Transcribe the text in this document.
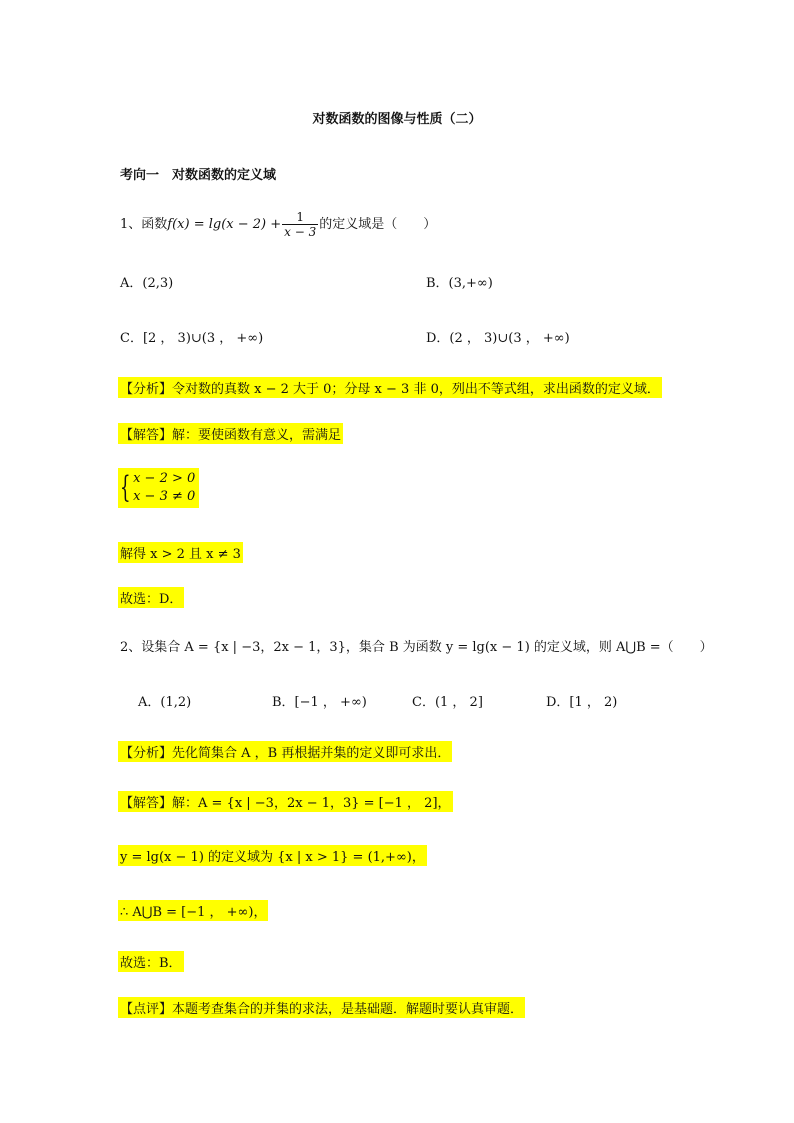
对数函数的图像与性质（二）
考向一　对数函数的定义域
1、函数$f(x) = \lg(x - 2) + \frac{1}{x - 3}$ 的定义域是（　　）
A．(2,3)	B．(3,+∞)
C．[2 ， 3)∪(3 ， +∞)	D．(2 ， 3)∪(3 ， +∞)
【分析】令对数的真数 x − 2 大于 0；分母 x − 3 非 0，列出不等式组，求出函数的定义域．
【解答】解：要使函数有意义，需满足
{ x − 2 > 0
x − 3 ≠ 0
解得 x > 2 且 x ≠ 3
故选：D．
2、设集合 A = {x | −3，2x − 1，3}，集合 B 为函数 y = lg(x − 1) 的定义域，则 A⋃B =（　　）
A．(1,2)	B．[−1 ， +∞)	C．(1 ， 2]	D．[1 ， 2)
【分析】先化简集合 A ，B 再根据并集的定义即可求出．
【解答】解：A = {x | −3，2x − 1，3} = [−1 ， 2]，
y = lg(x − 1) 的定义域为 {x | x > 1} = (1,+∞)，
∴ A⋃B = [−1 ， +∞)，
故选：B．
【点评】本题考查集合的并集的求法，是基础题．解题时要认真审题．
